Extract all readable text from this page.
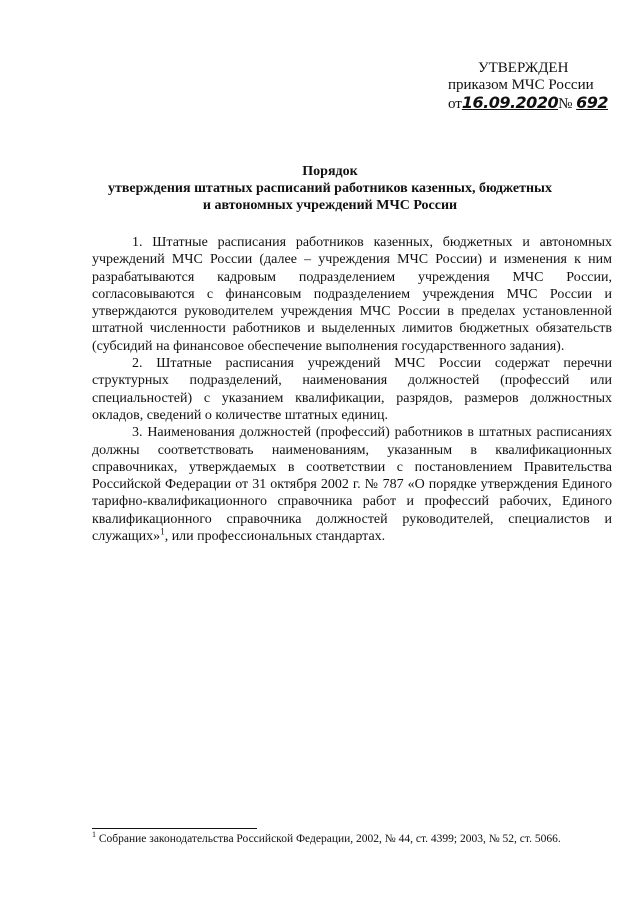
УТВЕРЖДЕН
приказом МЧС России
от16.09.2020№ 692
Порядок
утверждения штатных расписаний работников казенных, бюджетных
и автономных учреждений МЧС России

1. Штатные расписания работников казенных, бюджетных и автономных учреждений МЧС России (далее – учреждения МЧС России) и изменения к ним разрабатываются кадровым подразделением учреждения МЧС России, согласовываются с финансовым подразделением учреждения МЧС России и утверждаются руководителем учреждения МЧС России в пределах установленной штатной численности работников и выделенных лимитов бюджетных обязательств (субсидий на финансовое обеспечение выполнения государственного задания).

2. Штатные расписания учреждений МЧС России содержат перечни структурных подразделений, наименования должностей (профессий или специальностей) с указанием квалификации, разрядов, размеров должностных окладов, сведений о количестве штатных единиц.

3. Наименования должностей (профессий) работников в штатных расписаниях должны соответствовать наименованиям, указанным в квалификационных справочниках, утверждаемых в соответствии с постановлением Правительства Российской Федерации от 31 октября 2002 г. № 787 «О порядке утверждения Единого тарифно-квалификационного справочника работ и профессий рабочих, Единого квалификационного справочника должностей руководителей, специалистов и служащих»$^1$, или профессиональных стандартах.

$^1$ Собрание законодательства Российской Федерации, 2002, № 44, ст. 4399; 2003, № 52, ст. 5066.
